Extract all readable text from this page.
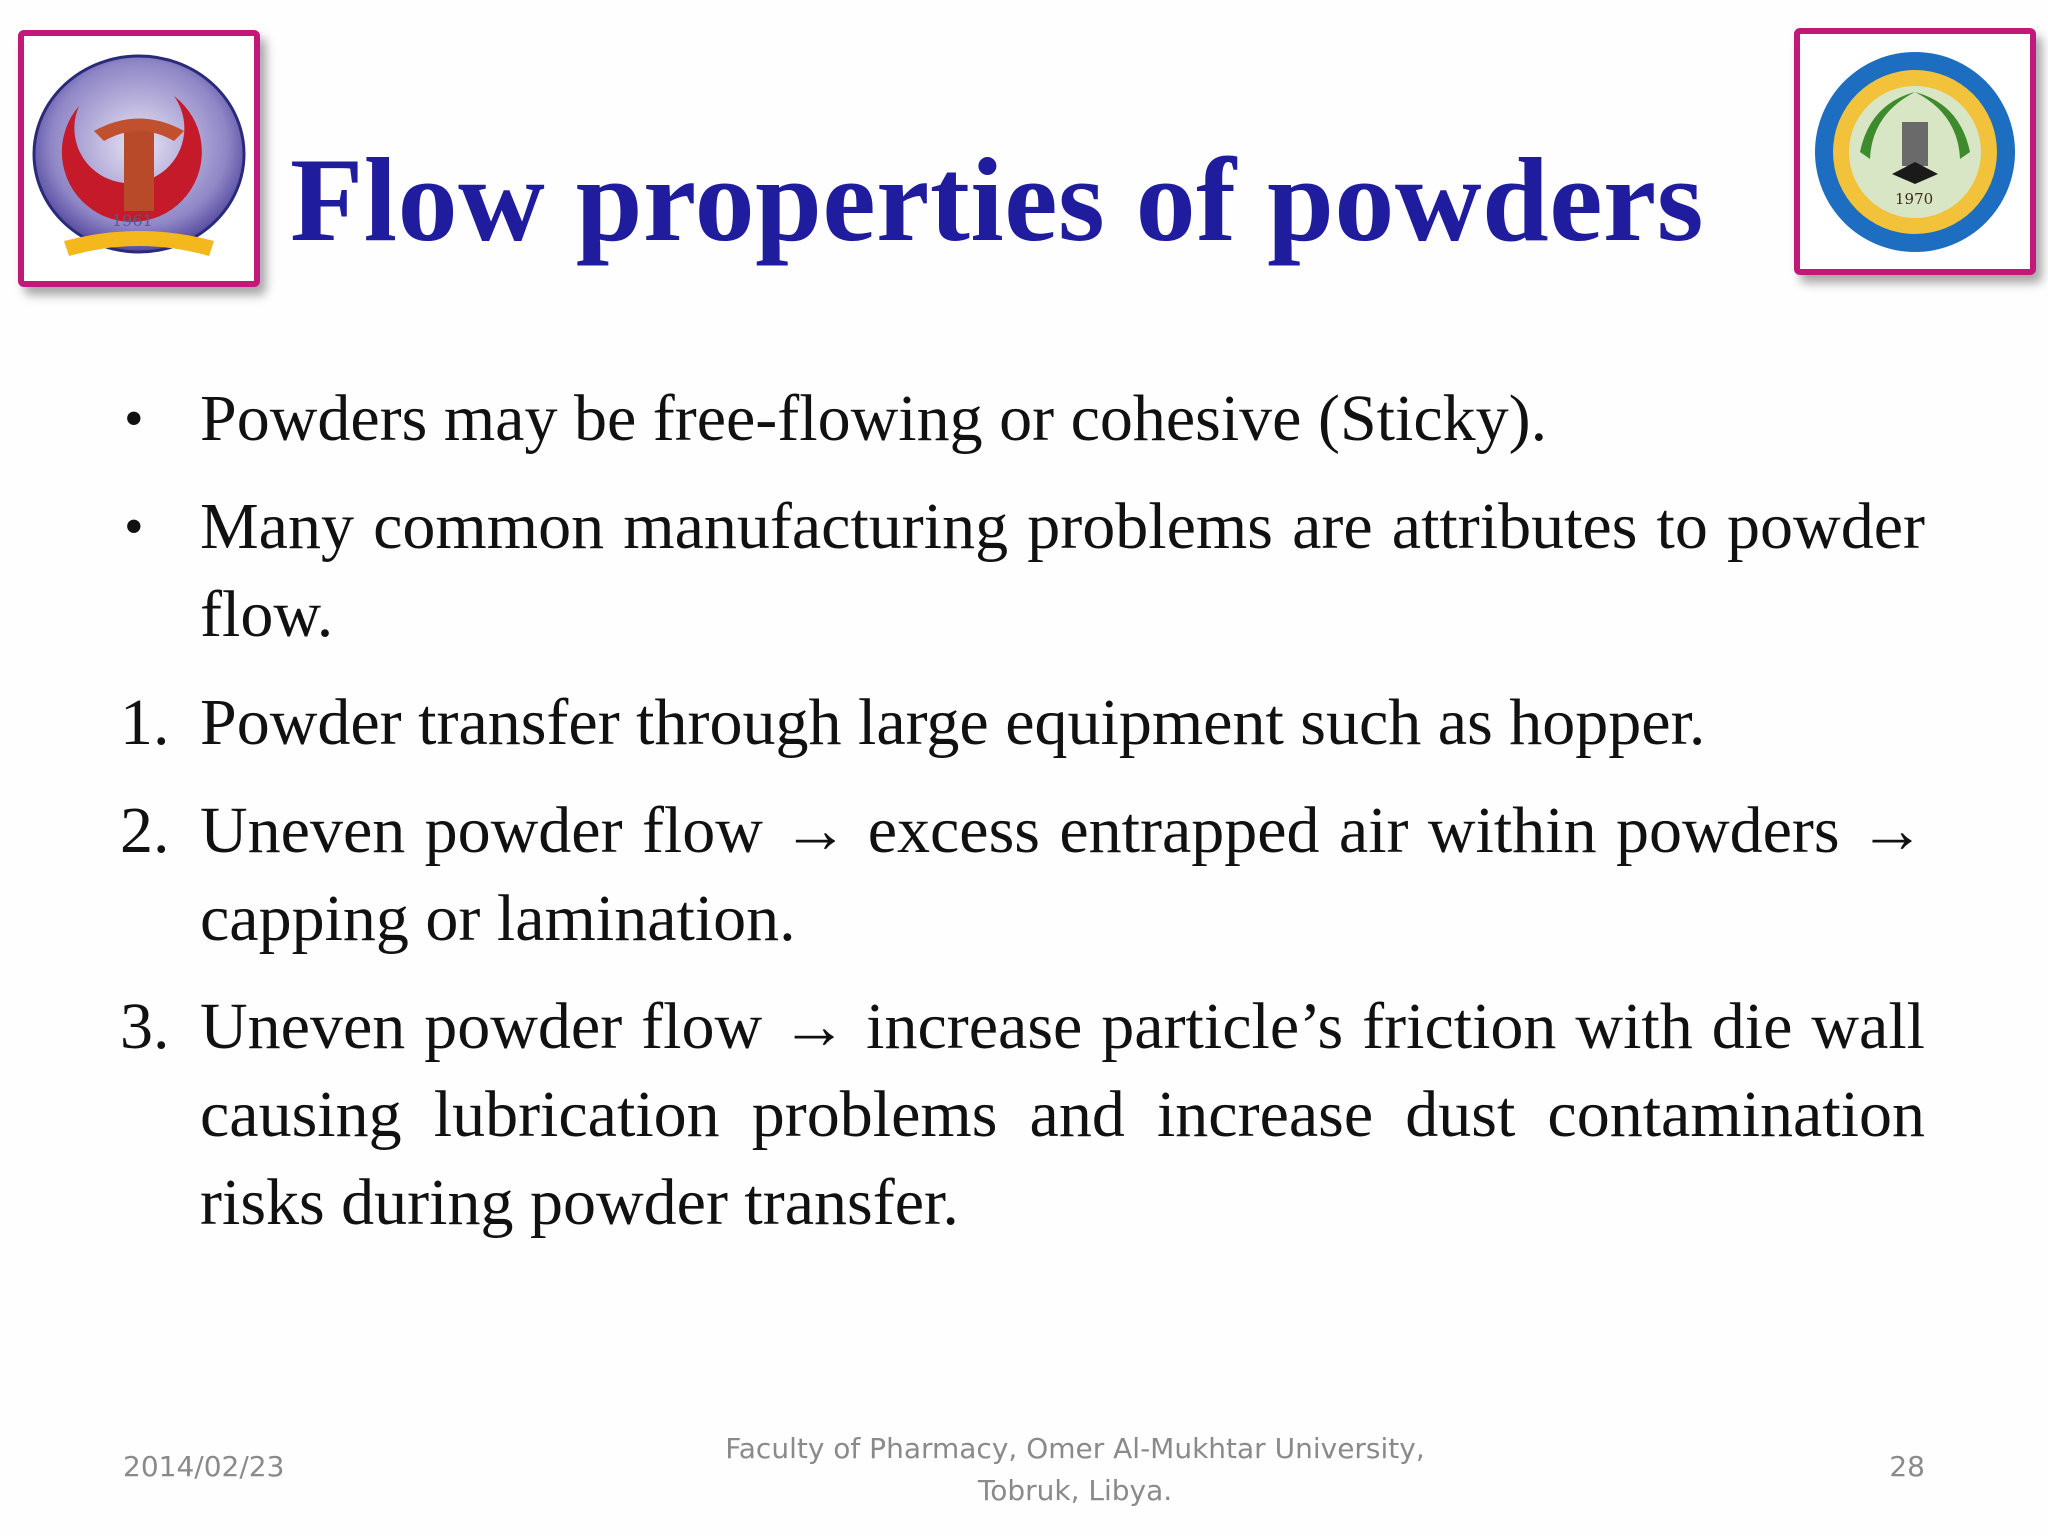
1961
1970
Flow properties of powders
• Powders may be free-flowing or cohesive (Sticky).
• Many common manufacturing problems are attributes to powder flow.
1. Powder transfer through large equipment such as hopper.
2. Uneven powder flow → excess entrapped air within powders → capping or lamination.
3. Uneven powder flow → increase particle’s friction with die wall causing lubrication problems and increase dust contamination risks during powder transfer.
2014/02/23
Faculty of Pharmacy, Omer Al-Mukhtar University,
Tobruk, Libya.
28
